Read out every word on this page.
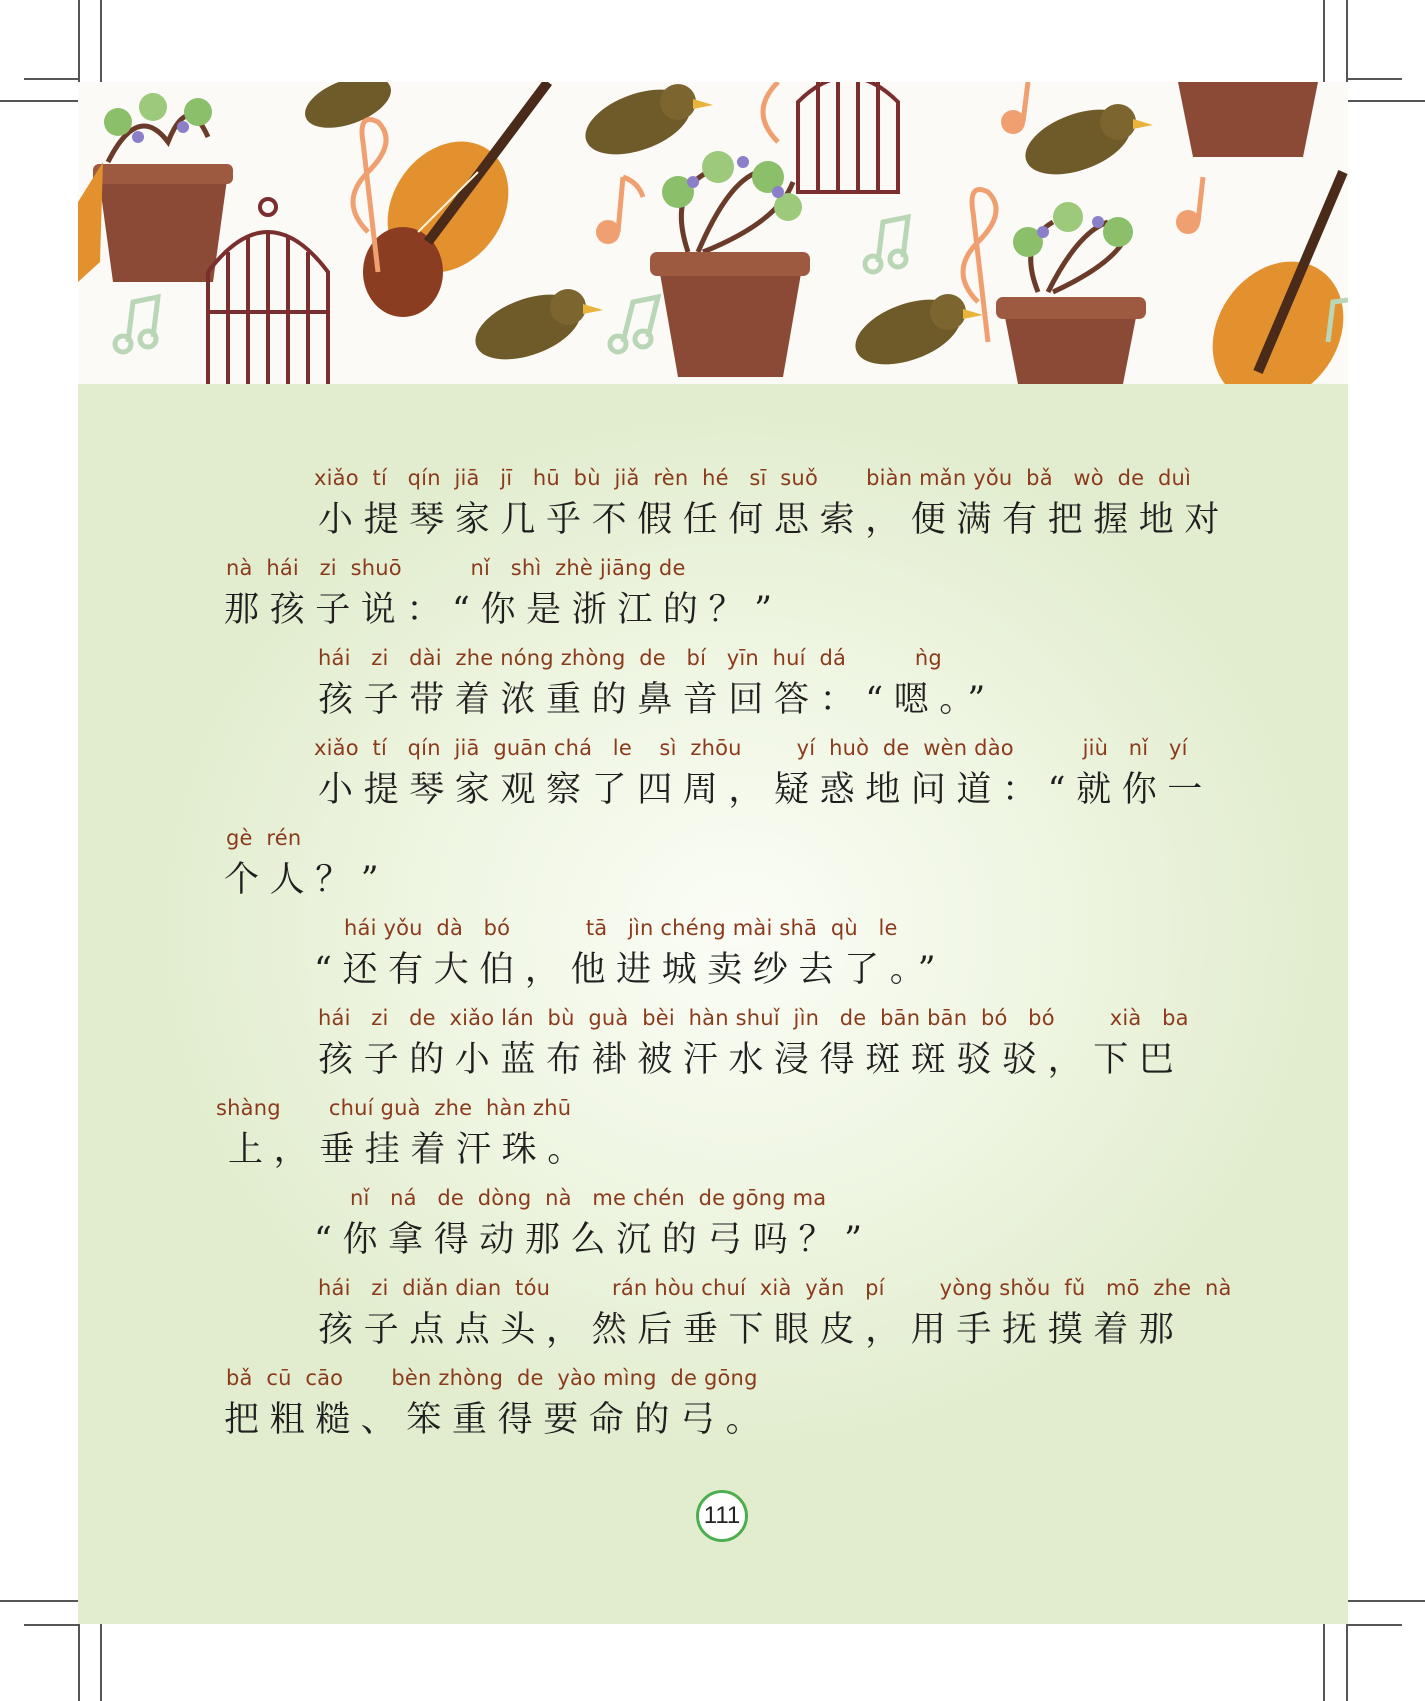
xiǎo  tí   qín  jiā   jī   hū  bù  jiǎ  rèn  hé   sī  suǒ       biàn mǎn yǒu  bǎ   wò  de  duì
小提琴家几乎不假任何思索，便满有把握地对
nà  hái   zi  shuō          nǐ   shì  zhè jiāng de
那孩子说：“你是浙江的？”
hái   zi   dài  zhe nóng zhòng  de   bí   yīn  huí  dá          ǹg
孩子带着浓重的鼻音回答：“嗯。”
xiǎo  tí   qín  jiā  guān chá   le    sì  zhōu        yí  huò  de  wèn dào          jiù   nǐ   yí
小提琴家观察了四周，疑惑地问道：“就你一
gè  rén
个人？”
hái yǒu  dà   bó           tā   jìn chéng mài shā  qù   le
“还有大伯，他进城卖纱去了。”
hái   zi   de  xiǎo lán  bù  guà  bèi  hàn shuǐ  jìn   de  bān bān  bó   bó        xià   ba
孩子的小蓝布褂被汗水浸得斑斑驳驳，下巴
shàng       chuí guà  zhe  hàn zhū
上，垂挂着汗珠。
nǐ   ná   de  dòng  nà   me chén  de gōng ma
“你拿得动那么沉的弓吗？”
hái   zi  diǎn dian  tóu         rán hòu chuí  xià  yǎn   pí        yòng shǒu  fǔ   mō  zhe  nà
孩子点点头，然后垂下眼皮，用手抚摸着那
bǎ  cū  cāo       bèn zhòng  de  yào mìng  de gōng
把粗糙、笨重得要命的弓。
111
